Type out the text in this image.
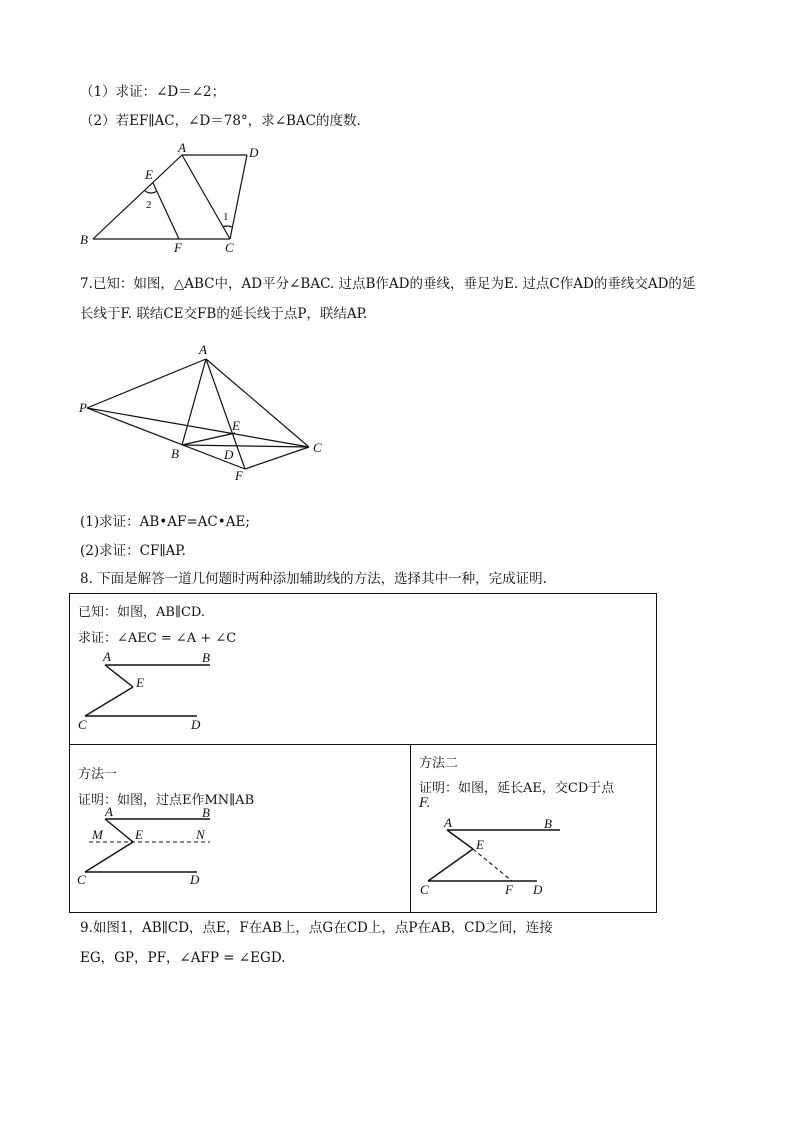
（1）求证：∠D＝∠2；
（2）若EF∥AC，∠D＝78°，求∠BAC的度数.
A	D
E
2
1
B
F	C
7.已知：如图，△ABC中，AD平分∠BAC. 过点B作AD的垂线，垂足为E. 过点C作AD的垂线交AD的延
长线于F. 联结CE交FB的延长线于点P，联结AP.
A
P
E
B	D	C
F
(1)求证：AB•AF=AC•AE;
(2)求证：CF∥AP.
8. 下面是解答一道几何题时两种添加辅助线的方法，选择其中一种，完成证明.
已知：如图，AB∥CD.
求证：∠AEC = ∠A + ∠C
A	B
E
C	D
方法一
证明：如图，过点E作MN∥AB
A	B
M E	N
C	D
方法二
证明：如图，延长AE，交CD于点
F.
A	B
E
C	F D
9.如图1，AB∥CD，点E，F在AB上，点G在CD上，点P在AB，CD之间，连接
EG，GP，PF，∠AFP = ∠EGD.
